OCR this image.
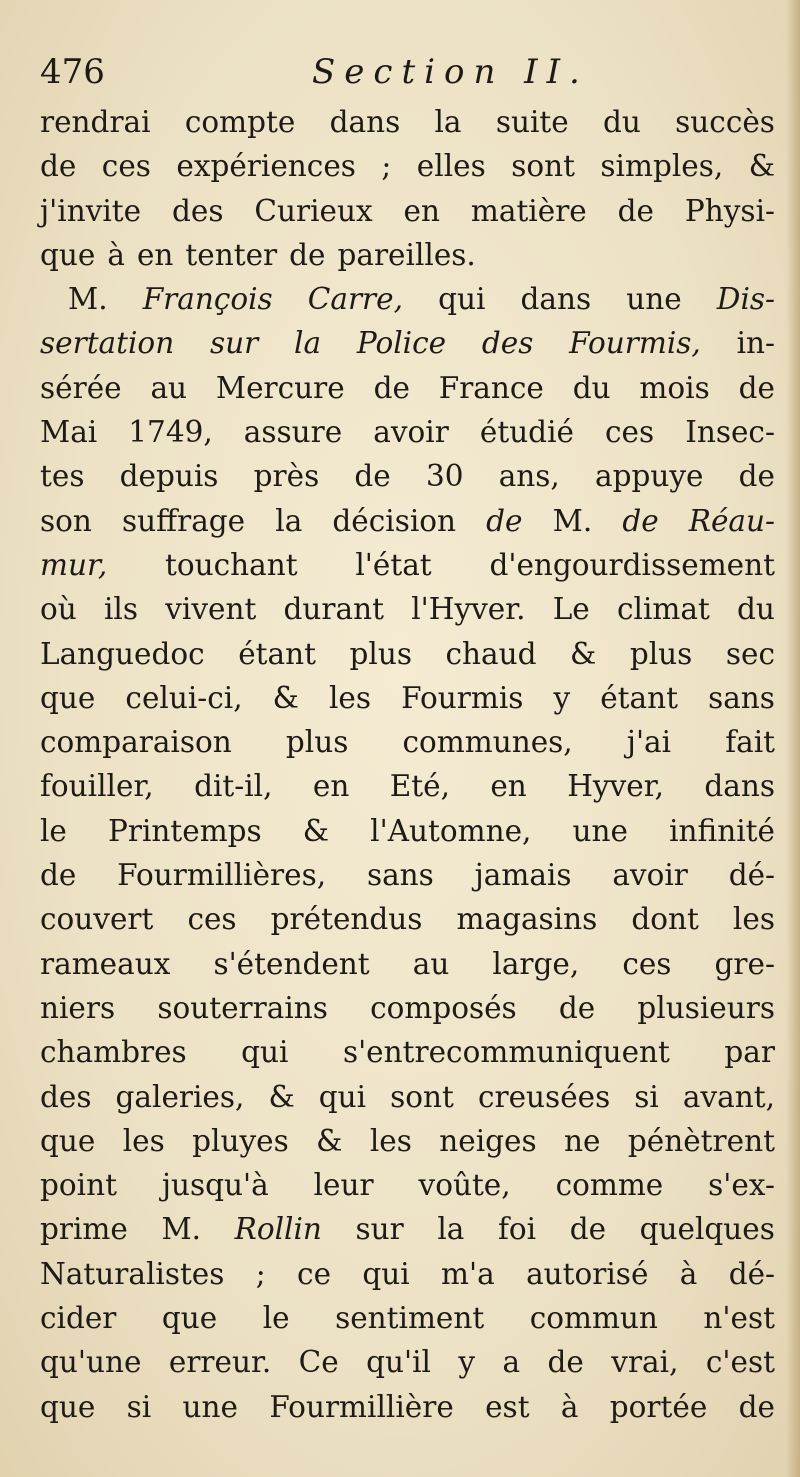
476	Section II.
rendrai compte dans la suite du succès
de ces expériences ; elles sont simples, &
j'invite des Curieux en matière de Physi-
que à en tenter de pareilles.
M. François Carre, qui dans une Dis-
sertation sur la Police des Fourmis, in-
sérée au Mercure de France du mois de
Mai 1749, assure avoir étudié ces Insec-
tes depuis près de 30 ans, appuye de
son suffrage la décision de M. de Réau-
mur, touchant l'état d'engourdissement
où ils vivent durant l'Hyver. Le climat du
Languedoc étant plus chaud & plus sec
que celui-ci, & les Fourmis y étant sans
comparaison plus communes, j'ai fait
fouiller, dit-il, en Eté, en Hyver, dans
le Printemps & l'Automne, une infinité
de Fourmillières, sans jamais avoir dé-
couvert ces prétendus magasins dont les
rameaux s'étendent au large, ces gre-
niers souterrains composés de plusieurs
chambres qui s'entrecommuniquent par
des galeries, & qui sont creusées si avant,
que les pluyes & les neiges ne pénètrent
point jusqu'à leur voûte, comme s'ex-
prime M. Rollin sur la foi de quelques
Naturalistes ; ce qui m'a autorisé à dé-
cider que le sentiment commun n'est
qu'une erreur. Ce qu'il y a de vrai, c'est
que si une Fourmillière est à portée de
